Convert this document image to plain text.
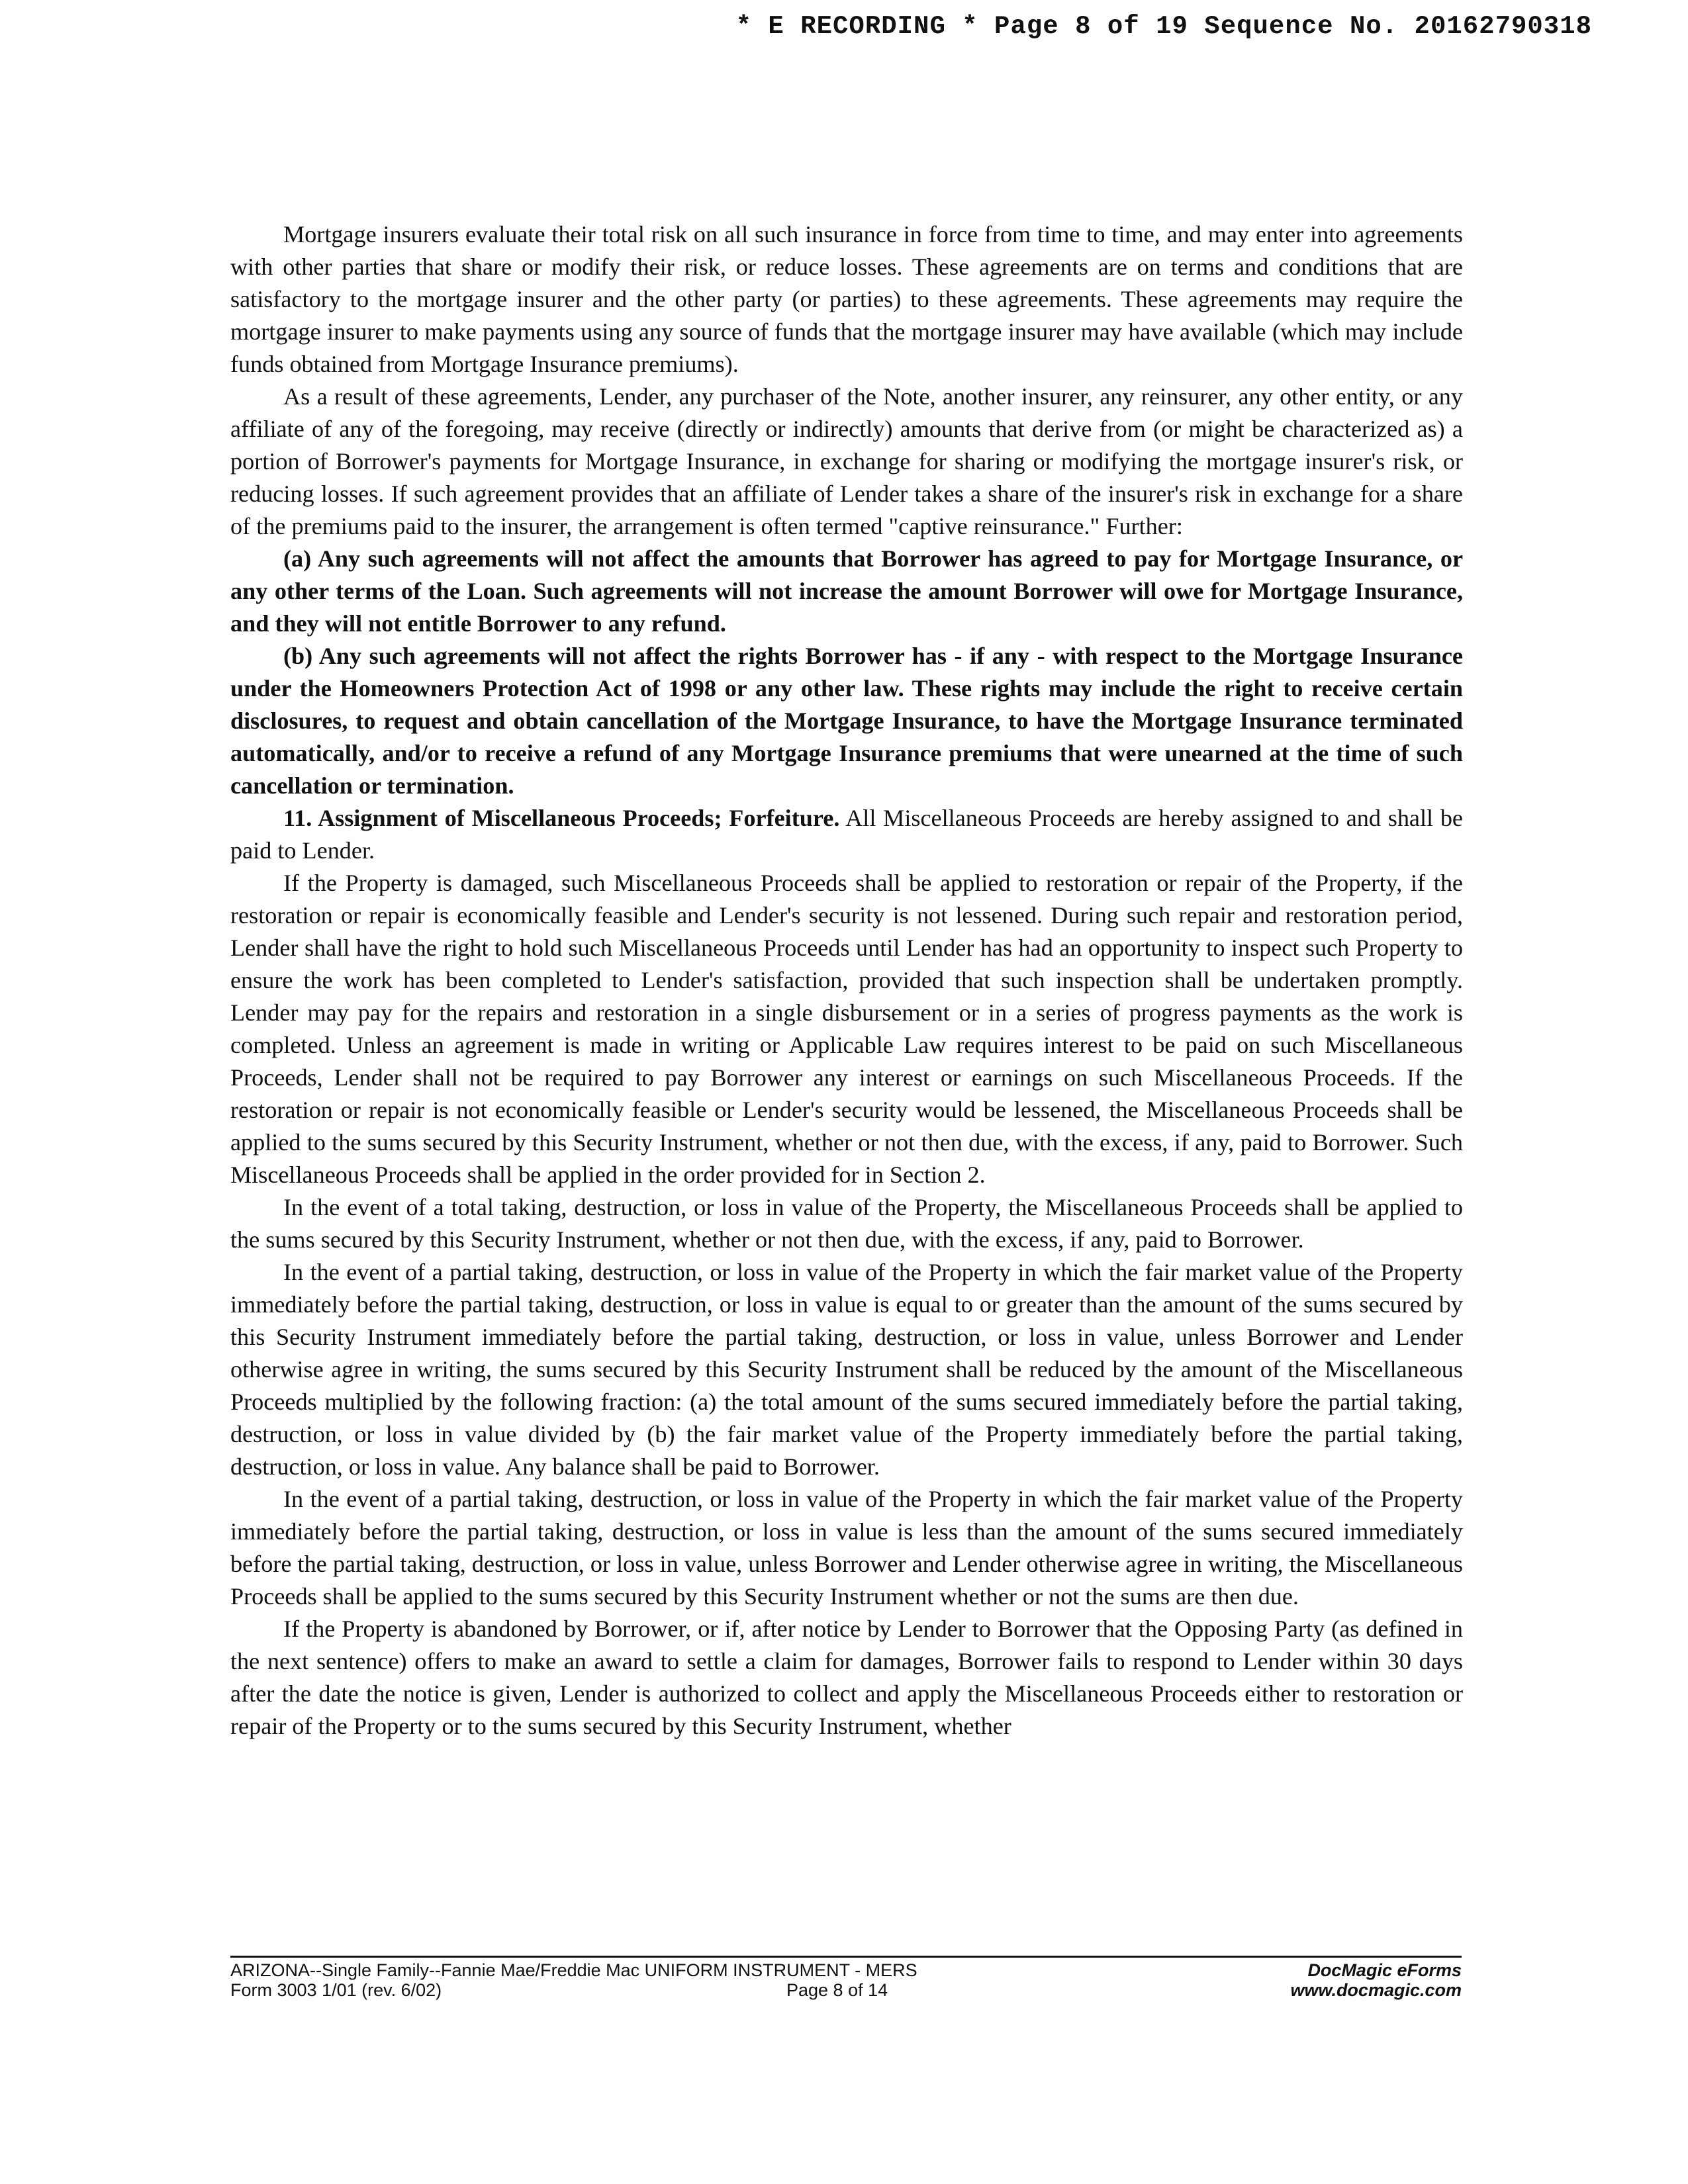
* E RECORDING * Page 8 of 19 Sequence No. 20162790318

Mortgage insurers evaluate their total risk on all such insurance in force from time to time, and may enter into agreements with other parties that share or modify their risk, or reduce losses. These agreements are on terms and conditions that are satisfactory to the mortgage insurer and the other party (or parties) to these agreements. These agreements may require the mortgage insurer to make payments using any source of funds that the mortgage insurer may have available (which may include funds obtained from Mortgage Insurance premiums).

As a result of these agreements, Lender, any purchaser of the Note, another insurer, any reinsurer, any other entity, or any affiliate of any of the foregoing, may receive (directly or indirectly) amounts that derive from (or might be characterized as) a portion of Borrower's payments for Mortgage Insurance, in exchange for sharing or modifying the mortgage insurer's risk, or reducing losses. If such agreement provides that an affiliate of Lender takes a share of the insurer's risk in exchange for a share of the premiums paid to the insurer, the arrangement is often termed "captive reinsurance." Further:

(a) Any such agreements will not affect the amounts that Borrower has agreed to pay for Mortgage Insurance, or any other terms of the Loan. Such agreements will not increase the amount Borrower will owe for Mortgage Insurance, and they will not entitle Borrower to any refund.

(b) Any such agreements will not affect the rights Borrower has - if any - with respect to the Mortgage Insurance under the Homeowners Protection Act of 1998 or any other law. These rights may include the right to receive certain disclosures, to request and obtain cancellation of the Mortgage Insurance, to have the Mortgage Insurance terminated automatically, and/or to receive a refund of any Mortgage Insurance premiums that were unearned at the time of such cancellation or termination.

11. Assignment of Miscellaneous Proceeds; Forfeiture. All Miscellaneous Proceeds are hereby assigned to and shall be paid to Lender.

If the Property is damaged, such Miscellaneous Proceeds shall be applied to restoration or repair of the Property, if the restoration or repair is economically feasible and Lender's security is not lessened. During such repair and restoration period, Lender shall have the right to hold such Miscellaneous Proceeds until Lender has had an opportunity to inspect such Property to ensure the work has been completed to Lender's satisfaction, provided that such inspection shall be undertaken promptly. Lender may pay for the repairs and restoration in a single disbursement or in a series of progress payments as the work is completed. Unless an agreement is made in writing or Applicable Law requires interest to be paid on such Miscellaneous Proceeds, Lender shall not be required to pay Borrower any interest or earnings on such Miscellaneous Proceeds. If the restoration or repair is not economically feasible or Lender's security would be lessened, the Miscellaneous Proceeds shall be applied to the sums secured by this Security Instrument, whether or not then due, with the excess, if any, paid to Borrower. Such Miscellaneous Proceeds shall be applied in the order provided for in Section 2.

In the event of a total taking, destruction, or loss in value of the Property, the Miscellaneous Proceeds shall be applied to the sums secured by this Security Instrument, whether or not then due, with the excess, if any, paid to Borrower.

In the event of a partial taking, destruction, or loss in value of the Property in which the fair market value of the Property immediately before the partial taking, destruction, or loss in value is equal to or greater than the amount of the sums secured by this Security Instrument immediately before the partial taking, destruction, or loss in value, unless Borrower and Lender otherwise agree in writing, the sums secured by this Security Instrument shall be reduced by the amount of the Miscellaneous Proceeds multiplied by the following fraction: (a) the total amount of the sums secured immediately before the partial taking, destruction, or loss in value divided by (b) the fair market value of the Property immediately before the partial taking, destruction, or loss in value. Any balance shall be paid to Borrower.

In the event of a partial taking, destruction, or loss in value of the Property in which the fair market value of the Property immediately before the partial taking, destruction, or loss in value is less than the amount of the sums secured immediately before the partial taking, destruction, or loss in value, unless Borrower and Lender otherwise agree in writing, the Miscellaneous Proceeds shall be applied to the sums secured by this Security Instrument whether or not the sums are then due.

If the Property is abandoned by Borrower, or if, after notice by Lender to Borrower that the Opposing Party (as defined in the next sentence) offers to make an award to settle a claim for damages, Borrower fails to respond to Lender within 30 days after the date the notice is given, Lender is authorized to collect and apply the Miscellaneous Proceeds either to restoration or repair of the Property or to the sums secured by this Security Instrument, whether

ARIZONA--Single Family--Fannie Mae/Freddie Mac UNIFORM INSTRUMENT - MERS
Form 3003 1/01 (rev. 6/02)	Page 8 of 14
DocMagic eForms
www.docmagic.com
